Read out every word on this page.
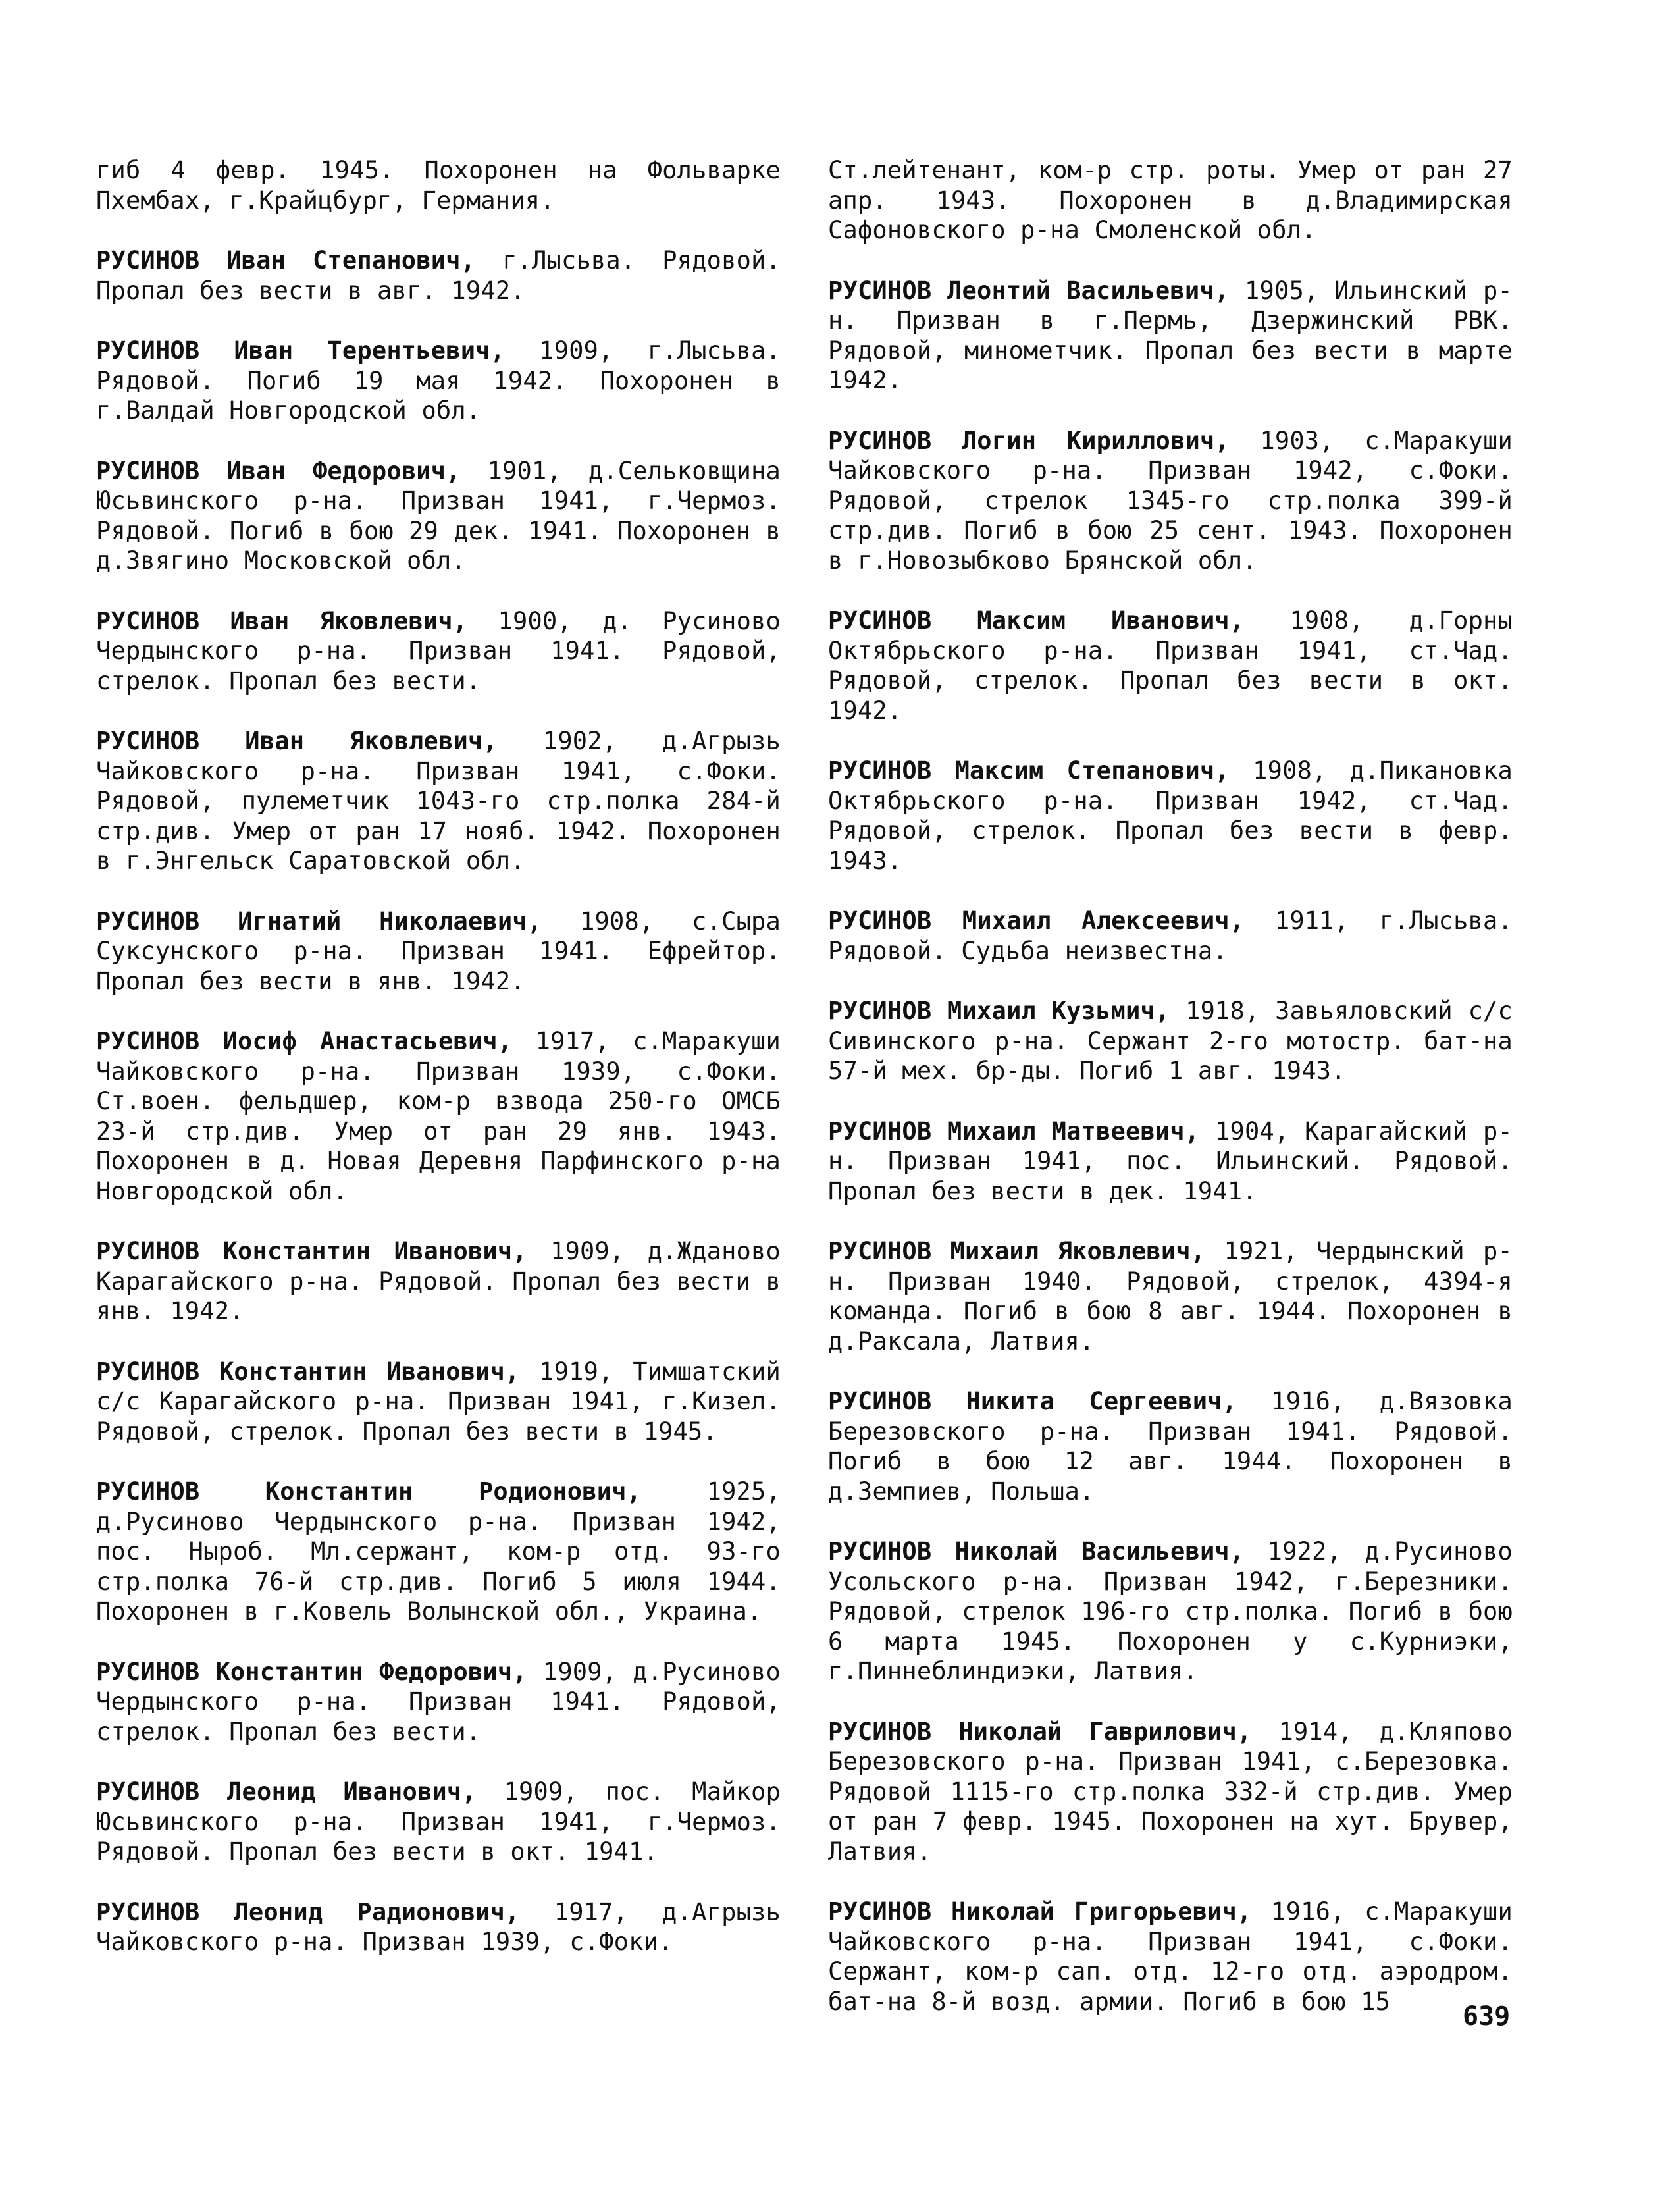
гиб 4 февр. 1945. Похоронен на Фольварке Пхембах, г.Крайцбург, Германия.

РУСИНОВ Иван Степанович, г.Лысьва. Рядовой. Пропал без вести в авг. 1942.

РУСИНОВ Иван Терентьевич, 1909, г.Лысьва. Рядовой. Погиб 19 мая 1942. Похоронен в г.Валдай Новгородской обл.

РУСИНОВ Иван Федорович, 1901, д.Сельковщина Юсьвинского р-на. Призван 1941, г.Чермоз. Рядовой. Погиб в бою 29 дек. 1941. Похоронен в д.Звягино Московской обл.

РУСИНОВ Иван Яковлевич, 1900, д. Русиново Чердынского р-на. Призван 1941. Рядовой, стрелок. Пропал без вести.

РУСИНОВ Иван Яковлевич, 1902, д.Агрызь Чайковского р-на. Призван 1941, с.Фоки. Рядовой, пулеметчик 1043-го стр.полка 284-й стр.див. Умер от ран 17 нояб. 1942. Похоронен в г.Энгельск Саратовской обл.

РУСИНОВ Игнатий Николаевич, 1908, с.Сыра Суксунского р-на. Призван 1941. Ефрейтор. Пропал без вести в янв. 1942.

РУСИНОВ Иосиф Анастасьевич, 1917, с.Маракуши Чайковского р-на. Призван 1939, с.Фоки. Ст.воен. фельдшер, ком-р взвода 250-го ОМСБ 23-й стр.див. Умер от ран 29 янв. 1943. Похоронен в д. Новая Деревня Парфинского р-на Новгородской обл.

РУСИНОВ Константин Иванович, 1909, д.Жданово Карагайского р-на. Рядовой. Пропал без вести в янв. 1942.

РУСИНОВ Константин Иванович, 1919, Тимшатский с/с Карагайского р-на. Призван 1941, г.Кизел. Рядовой, стрелок. Пропал без вести в 1945.

РУСИНОВ	Константин Родионович,	1925, д.Русиново Чердынского р-на. Призван 1942, пос. Ныроб. Мл.сержант, ком-р отд. 93-го стр.полка 76-й стр.див. Погиб 5 июля 1944. Похоронен в г.Ковель Волынской обл., Украина.

РУСИНОВ Константин Федорович, 1909, д.Русиново Чердынского р-на. Призван 1941. Рядовой, стрелок. Пропал без вести.

РУСИНОВ Леонид Иванович, 1909, пос. Майкор Юсьвинского р-на. Призван 1941, г.Чермоз. Рядовой. Пропал без вести в окт. 1941.

РУСИНОВ Леонид Радионович, 1917, д.Агрызь Чайковского р-на. Призван 1939, с.Фоки.

Ст.лейтенант, ком-р стр. роты. Умер от ран 27 апр. 1943. Похоронен в д.Владимирская Сафоновского р-на Смоленской обл.

РУСИНОВ Леонтий Васильевич, 1905, Ильинский р-н. Призван в г.Пермь, Дзержинский РВК. Рядовой, минометчик. Пропал без вести в марте 1942.

РУСИНОВ Логин Кириллович, 1903, с.Маракуши Чайковского р-на. Призван 1942, с.Фоки. Рядовой, стрелок 1345-го стр.полка 399-й стр.див. Погиб в бою 25 сент. 1943. Похоронен в г.Новозыбково Брянской обл.

РУСИНОВ Максим Иванович, 1908, д.Горны Октябрьского р-на. Призван 1941, ст.Чад. Рядовой, стрелок. Пропал без вести в окт. 1942.

РУСИНОВ Максим Степанович, 1908, д.Пикановка Октябрьского р-на. Призван 1942, ст.Чад. Рядовой, стрелок. Пропал без вести в февр. 1943.

РУСИНОВ Михаил Алексеевич, 1911, г.Лысьва. Рядовой. Судьба неизвестна.

РУСИНОВ Михаил Кузьмич, 1918, Завьяловский с/с Сивинского р-на. Сержант 2-го мотостр. бат-на 57-й мех. бр-ды. Погиб 1 авг. 1943.

РУСИНОВ Михаил Матвеевич, 1904, Карагайский р-н. Призван 1941, пос. Ильинский. Рядовой. Пропал без вести в дек. 1941.

РУСИНОВ Михаил Яковлевич, 1921, Чердынский р-н. Призван 1940. Рядовой, стрелок, 4394-я команда. Погиб в бою 8 авг. 1944. Похоронен в д.Раксала, Латвия.

РУСИНОВ Никита Сергеевич, 1916, д.Вязовка Березовского р-на. Призван 1941. Рядовой. Погиб в бою 12 авг. 1944. Похоронен в д.Земпиев, Польша.

РУСИНОВ Николай Васильевич, 1922, д.Русиново Усольского р-на. Призван 1942, г.Березники. Рядовой, стрелок 196-го стр.полка. Погиб в бою 6 марта 1945. Похоронен у с.Курниэки, г.Пиннеблиндиэки, Латвия.

РУСИНОВ Николай Гаврилович, 1914, д.Кляпово Березовского р-на. Призван 1941, с.Березовка. Рядовой 1115-го стр.полка 332-й стр.див. Умер от ран 7 февр. 1945. Похоронен на хут. Брувер, Латвия.

РУСИНОВ Николай Григорьевич, 1916, с.Маракуши Чайковского р-на. Призван 1941, с.Фоки. Сержант, ком-р сап. отд. 12-го отд. аэродром. бат-на 8-й возд. армии. Погиб в бою 15	639
